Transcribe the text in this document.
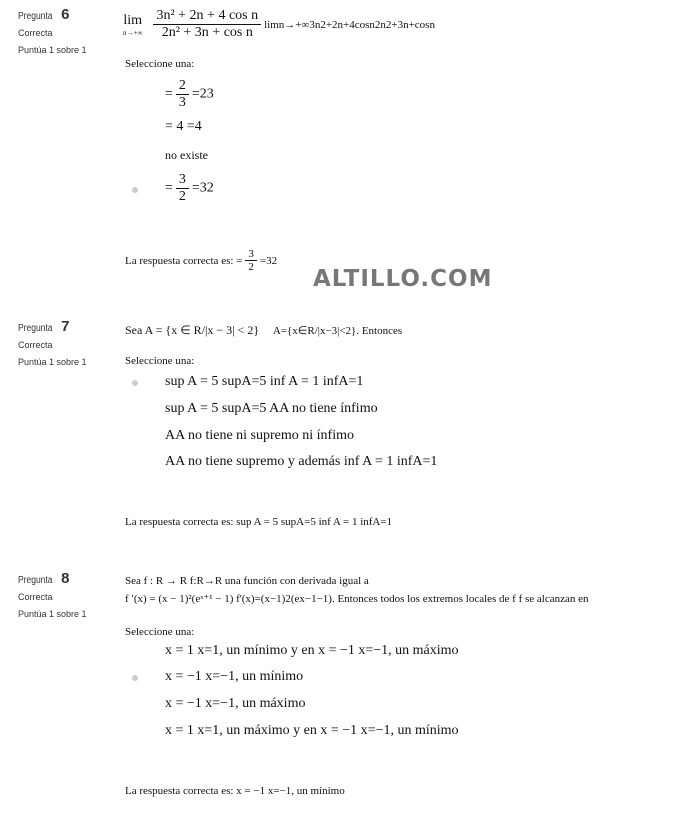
ALTILLO.COM
Pregunta 6
Correcta
Puntúa 1 sobre 1
lim
$n\to+\infty \frac{\text{3n² + 2n + 4 cos n}}{\text{2n² + 3n + cos n}} \lim n\to+\infty 3n2+2n+4\cos n2n2+3n+\cos n$
Seleccione una:
= $\frac{2}{3} =23$
= 4 =4
no existe
= $\frac{3}{2} =32$
La respuesta correcta es:
= $\frac{3}{2} =32$
Pregunta 7
Correcta
Puntúa 1 sobre 1
Sea A = {x ∈ R/|x − 3| < 2} A={x∈R/|x−3|<2}. Entonces
Seleccione una:
sup A = 5 supA=5 inf A = 1 infA=1
sup A = 5 supA=5 AA no tiene ínfimo
AA no tiene ni supremo ni ínfimo
AA no tiene supremo y además inf A = 1 infA=1
La respuesta correcta es: sup A = 5 supA=5 inf A = 1 infA=1
Pregunta 8
Correcta
Puntúa 1 sobre 1
Sea f : R → R f:R→R una función con derivada igual a
f ′(x) = (x − 1)²(eˣ⁺¹ − 1) f'(x)=(x−1)2(ex−1−1). Entonces todos los extremos locales de f f se alcanzan en
Seleccione una:
x = 1 x=1, un mínimo y en x = −1 x=−1, un máximo
x = −1 x=−1, un mínimo
x = −1 x=−1, un máximo
x = 1 x=1, un máximo y en x = −1 x=−1, un mínimo
La respuesta correcta es: x = −1 x=−1, un mínimo
